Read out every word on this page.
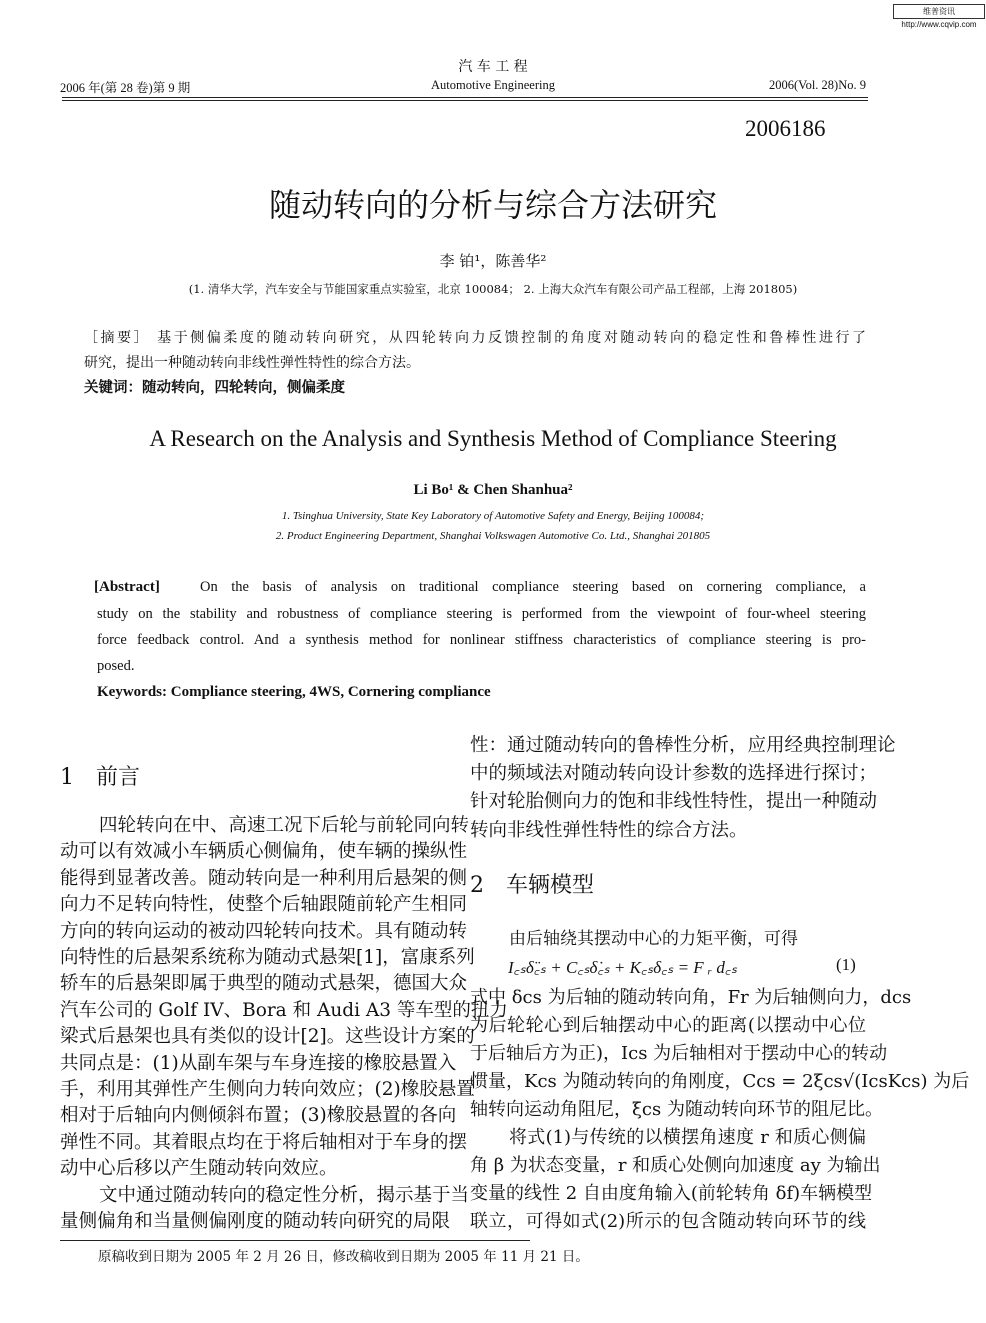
维普资讯 http://www.cqvip.com
汽 车 工 程
2006 年(第 28 卷)第 9 期	Automotive Engineering	2006(Vol. 28)No. 9
2006186
随动转向的分析与综合方法研究
李 铂¹，陈善华²
(1. 清华大学，汽车安全与节能国家重点实验室，北京 100084； 2. 上海大众汽车有限公司产品工程部，上海 201805)
［摘要］ 基于侧偏柔度的随动转向研究，从四轮转向力反馈控制的角度对随动转向的稳定性和鲁棒性进行了
研究，提出一种随动转向非线性弹性特性的综合方法。
关键词：随动转向，四轮转向，侧偏柔度
A Research on the Analysis and Synthesis Method of Compliance Steering
Li Bo¹ & Chen Shanhua²
1. Tsinghua University, State Key Laboratory of Automotive Safety and Energy, Beijing 100084;
2. Product Engineering Department, Shanghai Volkswagen Automotive Co. Ltd., Shanghai 201805
[Abstract]	On the basis of analysis on traditional compliance steering based on cornering compliance, a
study on the stability and robustness of compliance steering is performed from the viewpoint of four-wheel steering
force feedback control. And a synthesis method for nonlinear stiffness characteristics of compliance steering is pro-
posed.
Keywords: Compliance steering, 4WS, Cornering compliance
1　前言
四轮转向在中、高速工况下后轮与前轮同向转
动可以有效减小车辆质心侧偏角，使车辆的操纵性
能得到显著改善。随动转向是一种利用后悬架的侧
向力不足转向特性，使整个后轴跟随前轮产生相同
方向的转向运动的被动四轮转向技术。具有随动转
向特性的后悬架系统称为随动式悬架[1]，富康系列
轿车的后悬架即属于典型的随动式悬架，德国大众
汽车公司的 Golf IV、Bora 和 Audi A3 等车型的扭力
梁式后悬架也具有类似的设计[2]。这些设计方案的
共同点是：(1)从副车架与车身连接的橡胶悬置入
手，利用其弹性产生侧向力转向效应；(2)橡胶悬置
相对于后轴向内侧倾斜布置；(3)橡胶悬置的各向
弹性不同。其着眼点均在于将后轴相对于车身的摆
动中心后移以产生随动转向效应。
文中通过随动转向的稳定性分析，揭示基于当
量侧偏角和当量侧偏刚度的随动转向研究的局限
性：通过随动转向的鲁棒性分析，应用经典控制理论
中的频域法对随动转向设计参数的选择进行探讨；
针对轮胎侧向力的饱和非线性特性，提出一种随动
转向非线性弹性特性的综合方法。
2　车辆模型
由后轴绕其摆动中心的力矩平衡，可得
I꜀ₛδ̈꜀ₛ + C꜀ₛδ̇꜀ₛ + K꜀ₛδ꜀ₛ = F ᵣ d꜀ₛ	(1)
式中 δcs 为后轴的随动转向角，Fr 为后轴侧向力，dcs
为后轮轮心到后轴摆动中心的距离(以摆动中心位
于后轴后方为正)，Ics 为后轴相对于摆动中心的转动
惯量，Kcs 为随动转向的角刚度，Ccs = 2ξcs√(IcsKcs) 为后
轴转向运动角阻尼，ξcs 为随动转向环节的阻尼比。
将式(1)与传统的以横摆角速度 r 和质心侧偏
角 β 为状态变量，r 和质心处侧向加速度 ay 为输出
变量的线性 2 自由度角输入(前轮转角 δf)车辆模型
联立，可得如式(2)所示的包含随动转向环节的线
原稿收到日期为 2005 年 2 月 26 日，修改稿收到日期为 2005 年 11 月 21 日。
